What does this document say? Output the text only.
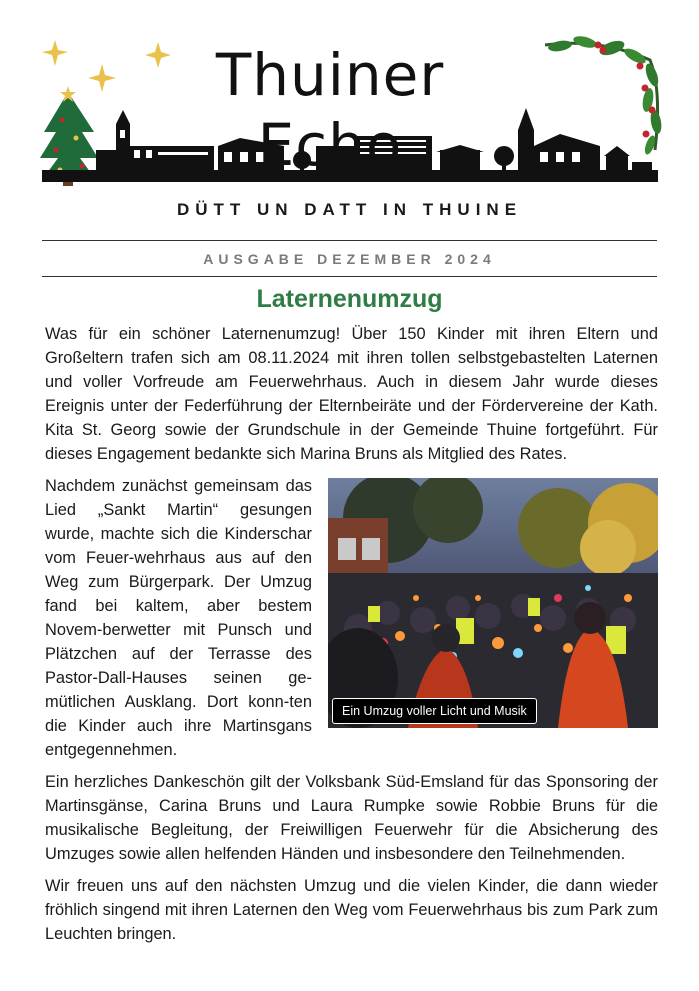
Thuiner Echo
DÜTT UN DATT IN THUINE
AUSGABE DEZEMBER 2024
Laternenumzug

Was für ein schöner Laternenumzug! Über 150 Kinder mit ihren Eltern und Großeltern trafen sich am 08.11.2024 mit ihren tollen selbstgebastelten Laternen und voller Vorfreude am Feuerwehrhaus. Auch in diesem Jahr wurde dieses Ereignis unter der Federführung der Elternbeiräte und der Fördervereine der Kath. Kita St. Georg sowie der Grundschule in der Gemeinde Thuine fortgeführt. Für dieses Engagement bedankte sich Marina Bruns als Mitglied des Rates.

Ein Umzug voller Licht und Musik

Nachdem zunächst gemeinsam das Lied „Sankt Martin“ gesungen wurde, machte sich die Kinderschar vom Feuer-wehrhaus aus auf den Weg zum Bürgerpark. Der Umzug fand bei kaltem, aber bestem Novem-berwetter mit Punsch und Plätzchen auf der Terrasse des Pastor-Dall-Hauses seinen ge-mütlichen Ausklang. Dort konn-ten die Kinder auch ihre Martinsgans entgegennehmen.

Ein herzliches Dankeschön gilt der Volksbank Süd-Emsland für das Sponsoring der Martinsgänse, Carina Bruns und Laura Rumpke sowie Robbie Bruns für die musikalische Begleitung, der Freiwilligen Feuerwehr für die Absicherung des Umzuges sowie allen helfenden Händen und insbesondere den Teilnehmenden.

Wir freuen uns auf den nächsten Umzug und die vielen Kinder, die dann wieder fröhlich singend mit ihren Laternen den Weg vom Feuerwehrhaus bis zum Park zum Leuchten bringen.
